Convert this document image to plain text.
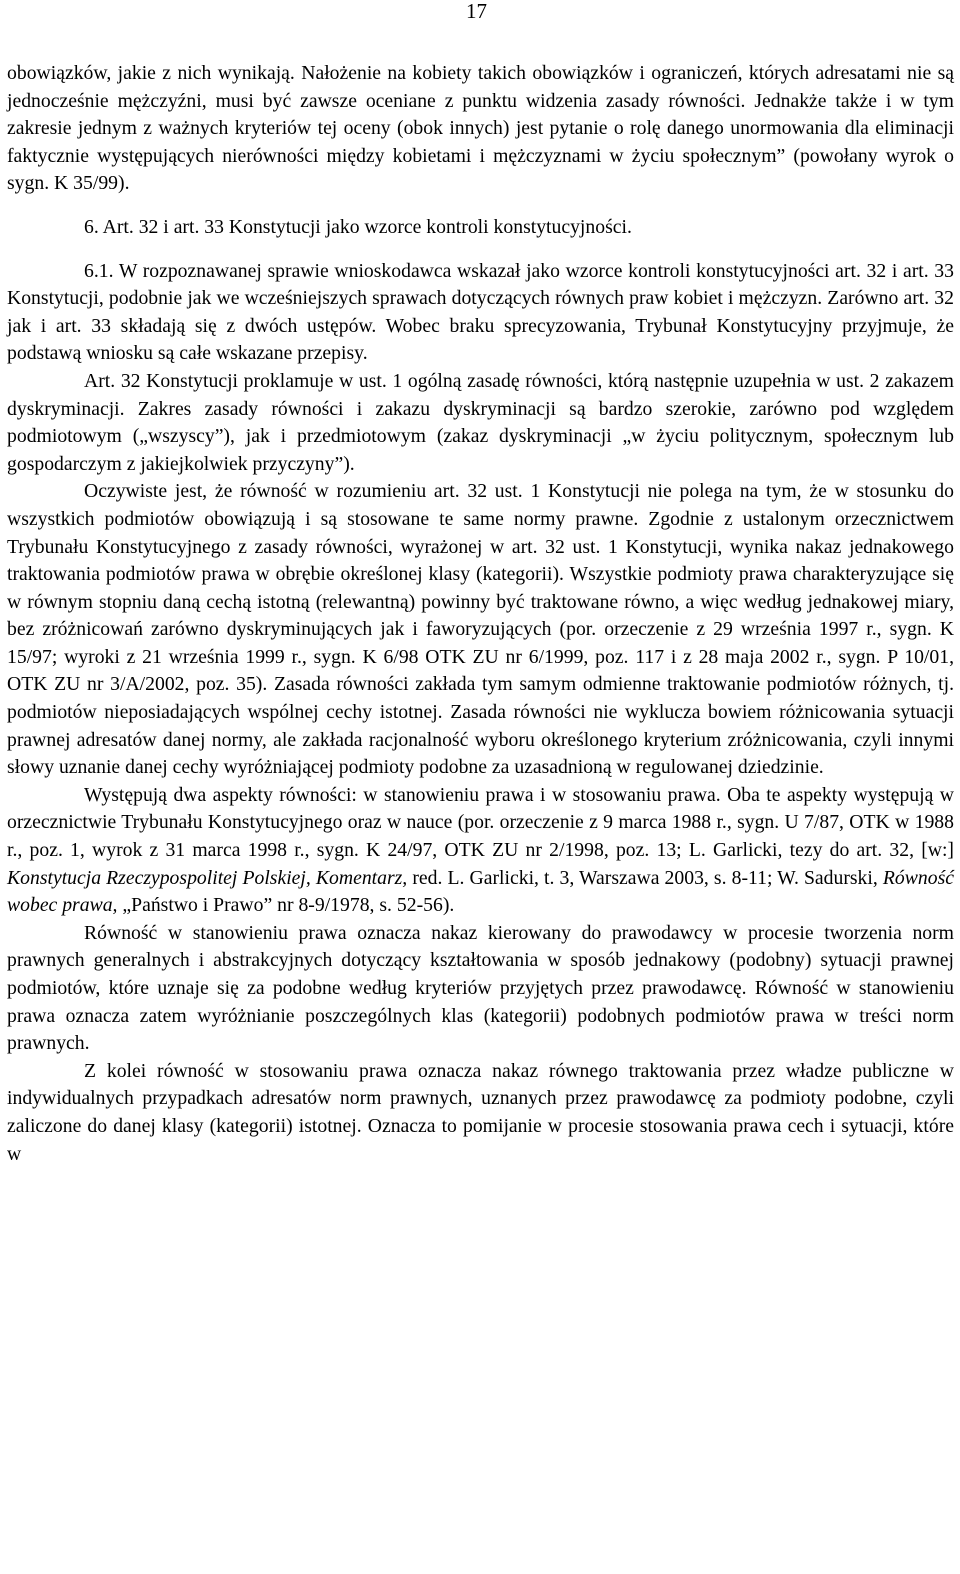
17

obowiązków, jakie z nich wynikają. Nałożenie na kobiety takich obowiązków i ograniczeń, których adresatami nie są jednocześnie mężczyźni, musi być zawsze oceniane z punktu widzenia zasady równości. Jednakże także i w tym zakresie jednym z ważnych kryteriów tej oceny (obok innych) jest pytanie o rolę danego unormowania dla eliminacji faktycznie występujących nierówności między kobietami i mężczyznami w życiu społecznym” (powołany wyrok o sygn. K 35/99).

6. Art. 32 i art. 33 Konstytucji jako wzorce kontroli konstytucyjności.

6.1. W rozpoznawanej sprawie wnioskodawca wskazał jako wzorce kontroli konstytucyjności art. 32 i art. 33 Konstytucji, podobnie jak we wcześniejszych sprawach dotyczących równych praw kobiet i mężczyzn. Zarówno art. 32 jak i art. 33 składają się z dwóch ustępów. Wobec braku sprecyzowania, Trybunał Konstytucyjny przyjmuje, że podstawą wniosku są całe wskazane przepisy.

Art. 32 Konstytucji proklamuje w ust. 1 ogólną zasadę równości, którą następnie uzupełnia w ust. 2 zakazem dyskryminacji. Zakres zasady równości i zakazu dyskryminacji są bardzo szerokie, zarówno pod względem podmiotowym („wszyscy”), jak i przedmiotowym (zakaz dyskryminacji „w życiu politycznym, społecznym lub gospodarczym z jakiejkolwiek przyczyny”).

Oczywiste jest, że równość w rozumieniu art. 32 ust. 1 Konstytucji nie polega na tym, że w stosunku do wszystkich podmiotów obowiązują i są stosowane te same normy prawne. Zgodnie z ustalonym orzecznictwem Trybunału Konstytucyjnego z zasady równości, wyrażonej w art. 32 ust. 1 Konstytucji, wynika nakaz jednakowego traktowania podmiotów prawa w obrębie określonej klasy (kategorii). Wszystkie podmioty prawa charakteryzujące się w równym stopniu daną cechą istotną (relewantną) powinny być traktowane równo, a więc według jednakowej miary, bez zróżnicowań zarówno dyskryminujących jak i faworyzujących (por. orzeczenie z 29 września 1997 r., sygn. K 15/97; wyroki z 21 września 1999 r., sygn. K 6/98 OTK ZU nr 6/1999, poz. 117 i z 28 maja 2002 r., sygn. P 10/01, OTK ZU nr 3/A/2002, poz. 35). Zasada równości zakłada tym samym odmienne traktowanie podmiotów różnych, tj. podmiotów nieposiadających wspólnej cechy istotnej. Zasada równości nie wyklucza bowiem różnicowania sytuacji prawnej adresatów danej normy, ale zakłada racjonalność wyboru określonego kryterium zróżnicowania, czyli innymi słowy uznanie danej cechy wyróżniającej podmioty podobne za uzasadnioną w regulowanej dziedzinie.

Występują dwa aspekty równości: w stanowieniu prawa i w stosowaniu prawa. Oba te aspekty występują w orzecznictwie Trybunału Konstytucyjnego oraz w nauce (por. orzeczenie z 9 marca 1988 r., sygn. U 7/87, OTK w 1988 r., poz. 1, wyrok z 31 marca 1998 r., sygn. K 24/97, OTK ZU nr 2/1998, poz. 13; L. Garlicki, tezy do art. 32, [w:] Konstytucja Rzeczypospolitej Polskiej, Komentarz, red. L. Garlicki, t. 3, Warszawa 2003, s. 8-11; W. Sadurski, Równość wobec prawa, „Państwo i Prawo” nr 8-9/1978, s. 52-56).

Równość w stanowieniu prawa oznacza nakaz kierowany do prawodawcy w procesie tworzenia norm prawnych generalnych i abstrakcyjnych dotyczący kształtowania w sposób jednakowy (podobny) sytuacji prawnej podmiotów, które uznaje się za podobne według kryteriów przyjętych przez prawodawcę. Równość w stanowieniu prawa oznacza zatem wyróżnianie poszczególnych klas (kategorii) podobnych podmiotów prawa w treści norm prawnych.

Z kolei równość w stosowaniu prawa oznacza nakaz równego traktowania przez władze publiczne w indywidualnych przypadkach adresatów norm prawnych, uznanych przez prawodawcę za podmioty podobne, czyli zaliczone do danej klasy (kategorii) istotnej. Oznacza to pomijanie w procesie stosowania prawa cech i sytuacji, które w
